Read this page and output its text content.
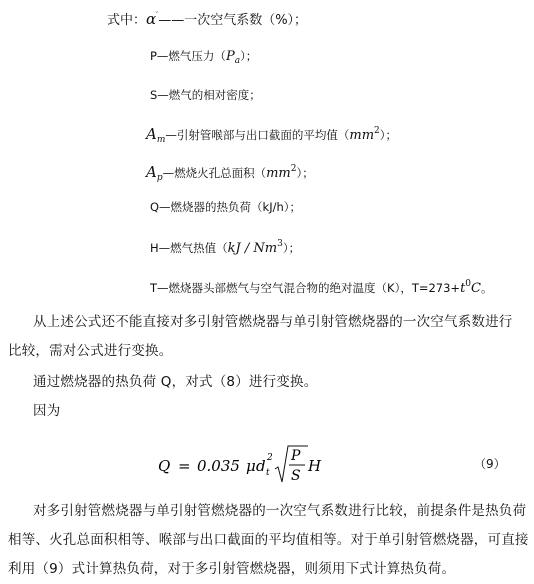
式中：α′——一次空气系数（%）；
P—燃气压力$(P_a)$；
S—燃气的相对密度；
$A_m—$引射管喉部与出口截面的平均值$(mm^2)$；
$A_p—$燃烧火孔总面积$(mm^2)$；
Q—燃烧器的热负荷（kJ/h）；
H—燃气热值（kJ / Nm$^3$）；
T—燃烧器头部燃气与空气混合物的绝对温度（K），$T=273+t^0C$。
从上述公式还不能直接对多引射管燃烧器与单引射管燃烧器的一次空气系数进行
比较，需对公式进行变换。
通过燃烧器的热负荷 Q，对式（8）进行变换。
因为
Q = 0.035 μ d t
2 P
S
H	（9）
对多引射管燃烧器与单引射管燃烧器的一次空气系数进行比较，前提条件是热负荷
相等、火孔总面积相等、喉部与出口截面的平均值相等。对于单引射管燃烧器，可直接
利用（9）式计算热负荷，对于多引射管燃烧器，则须用下式计算热负荷。
